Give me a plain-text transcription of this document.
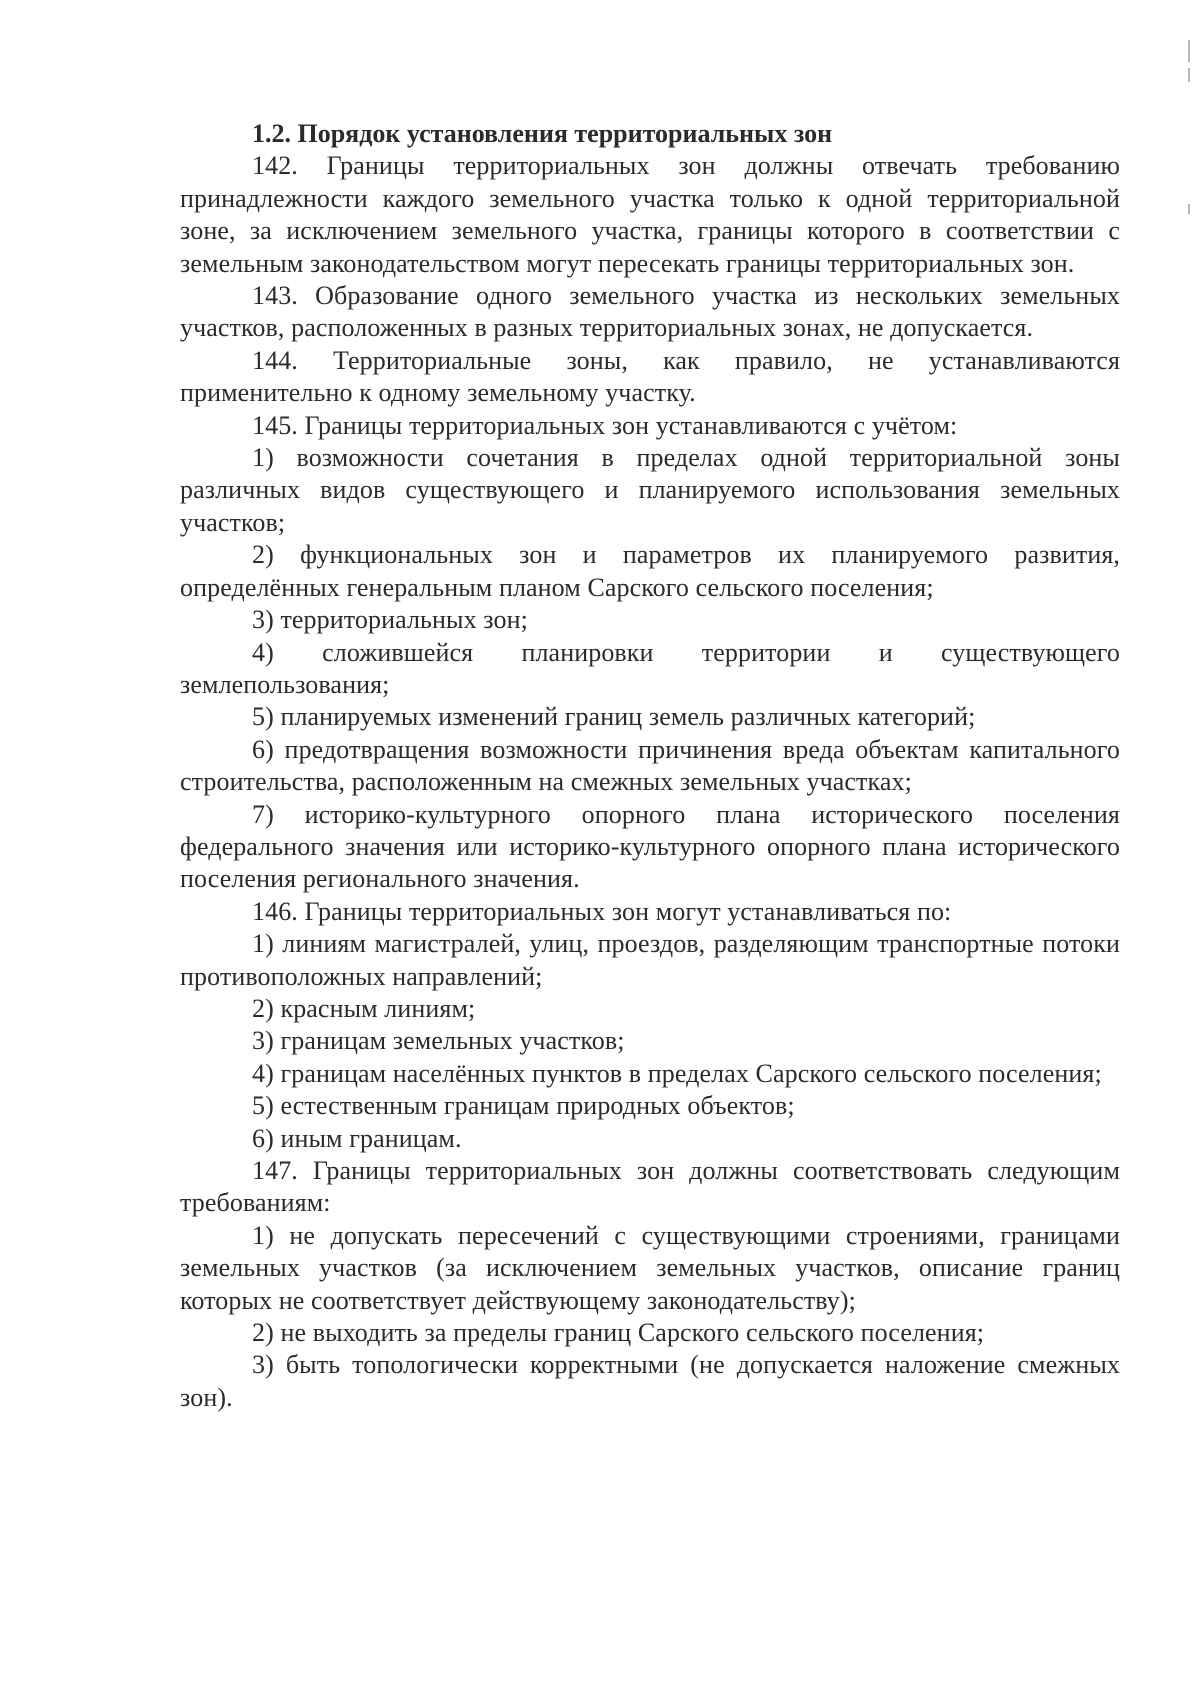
1.2. Порядок установления территориальных зон

142. Границы территориальных зон должны отвечать требованию принадлежности каждого земельного участка только к одной территориальной зоне, за исключением земельного участка, границы которого в соответствии с земельным законодательством могут пересекать границы территориальных зон.

143. Образование одного земельного участка из нескольких земельных участков, расположенных в разных территориальных зонах, не допускается.

144. Территориальные зоны, как правило, не устанавливаются применительно к одному земельному участку.

145. Границы территориальных зон устанавливаются с учётом:

1) возможности сочетания в пределах одной территориальной зоны различных видов существующего и планируемого использования земельных участков;

2) функциональных зон и параметров их планируемого развития, определённых генеральным планом Сарского сельского поселения;

3) территориальных зон;

4) сложившейся планировки территории и существующего землепользования;

5) планируемых изменений границ земель различных категорий;

6) предотвращения возможности причинения вреда объектам капитального строительства, расположенным на смежных земельных участках;

7) историко-культурного опорного плана исторического поселения федерального значения или историко-культурного опорного плана исторического поселения регионального значения.

146. Границы территориальных зон могут устанавливаться по:

1) линиям магистралей, улиц, проездов, разделяющим транспортные потоки противоположных направлений;

2) красным линиям;

3) границам земельных участков;

4) границам населённых пунктов в пределах Сарского сельского поселения;

5) естественным границам природных объектов;

6) иным границам.

147. Границы территориальных зон должны соответствовать следующим требованиям:

1) не допускать пересечений с существующими строениями, границами земельных участков (за исключением земельных участков, описание границ которых не соответствует действующему законодательству);

2) не выходить за пределы границ Сарского сельского поселения;

3) быть топологически корректными (не допускается наложение смежных зон).
